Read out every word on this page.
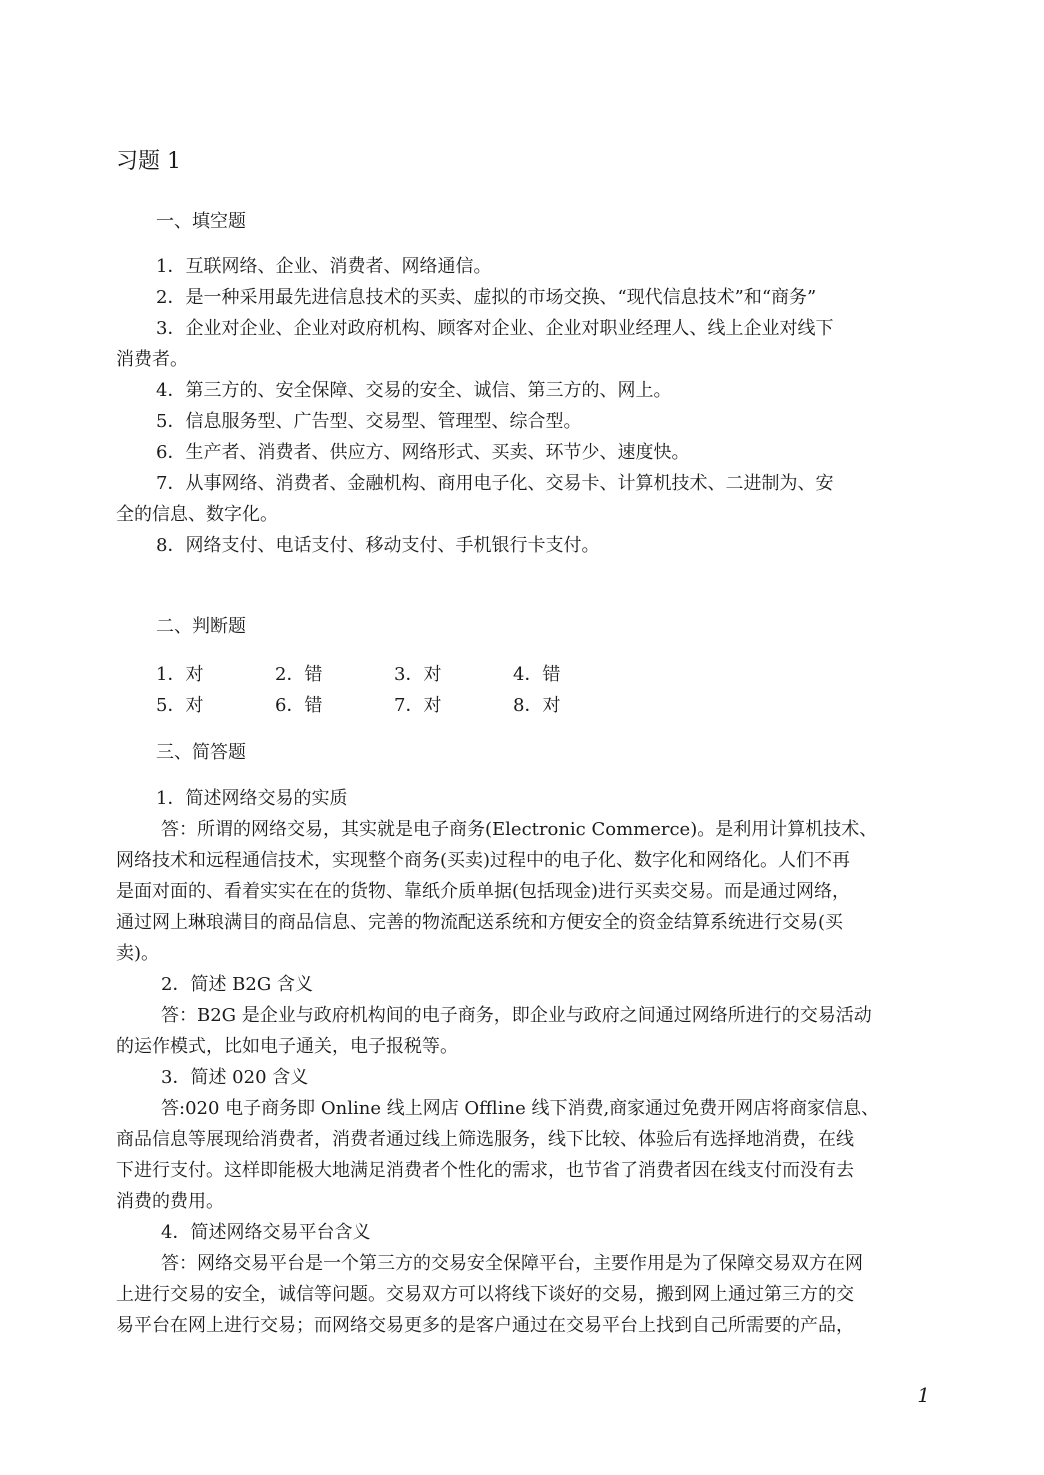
习题 1
一、填空题
1．互联网络、企业、消费者、网络通信。
2．是一种采用最先进信息技术的买卖、虚拟的市场交换、“现代信息技术”和“商务”
3．企业对企业、企业对政府机构、顾客对企业、企业对职业经理人、线上企业对线下
消费者。
4．第三方的、安全保障、交易的安全、诚信、第三方的、网上。
5．信息服务型、广告型、交易型、管理型、综合型。
6．生产者、消费者、供应方、网络形式、买卖、环节少、速度快。
7．从事网络、消费者、金融机构、商用电子化、交易卡、计算机技术、二进制为、安
全的信息、数字化。
8．网络支付、电话支付、移动支付、手机银行卡支付。
二、判断题
1．对	2．错	3．对	4．错
5．对	6．错	7．对	8．对
三、简答题
1．简述网络交易的实质
答：所谓的网络交易，其实就是电子商务(Electronic Commerce)。是利用计算机技术、
网络技术和远程通信技术，实现整个商务(买卖)过程中的电子化、数字化和网络化。人们不再
是面对面的、看着实实在在的货物、靠纸介质单据(包括现金)进行买卖交易。而是通过网络，
通过网上琳琅满目的商品信息、完善的物流配送系统和方便安全的资金结算系统进行交易(买
卖)。
2．简述 B2G 含义
答：B2G 是企业与政府机构间的电子商务，即企业与政府之间通过网络所进行的交易活动
的运作模式，比如电子通关，电子报税等。
3．简述 020 含义
答:020 电子商务即 Online 线上网店 Offline 线下消费,商家通过免费开网店将商家信息、
商品信息等展现给消费者，消费者通过线上筛选服务，线下比较、体验后有选择地消费，在线
下进行支付。这样即能极大地满足消费者个性化的需求，也节省了消费者因在线支付而没有去
消费的费用。
4．简述网络交易平台含义
答：网络交易平台是一个第三方的交易安全保障平台，主要作用是为了保障交易双方在网
上进行交易的安全，诚信等问题。交易双方可以将线下谈好的交易，搬到网上通过第三方的交
易平台在网上进行交易；而网络交易更多的是客户通过在交易平台上找到自己所需要的产品，
1
